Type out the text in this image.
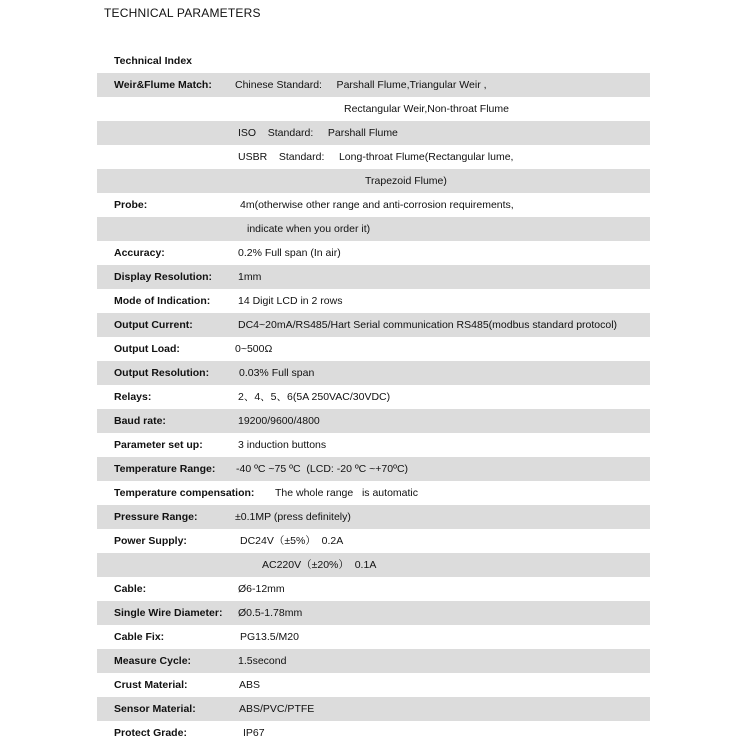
TECHNICAL PARAMETERS
Technical Index
Weir&Flume Match: Chinese Standard:     Parshall Flume,Triangular Weir ,
Rectangular Weir,Non-throat Flume
ISO    Standard:     Parshall Flume
USBR    Standard:     Long-throat Flume(Rectangular lume,
Trapezoid Flume)
Probe:	4m(otherwise other range and anti-corrosion requirements,
indicate when you order it)
Accuracy:	0.2% Full span (In air)
Display Resolution: 1mm
Mode of Indication:	14 Digit LCD in 2 rows
Output Current:	DC4~20mA/RS485/Hart Serial communication RS485(modbus standard protocol)
Output Load:	0~500Ω
Output Resolution:	0.03% Full span
Relays:	2、4、5、6(5A 250VAC/30VDC)
Baud rate:	19200/9600/4800
Parameter set up:	3 induction buttons
Temperature Range: -40 ºC ~75 ºC  (LCD: -20 ºC ~+70ºC)
Temperature compensation: The whole range   is automatic
Pressure Range:	±0.1MP (press definitely)
Power Supply:	DC24V（±5%）  0.2A
AC220V（±20%）  0.1A
Cable:	Ø6-12mm
Single Wire Diameter: Ø0.5-1.78mm
Cable Fix:	PG13.5/M20
Measure Cycle:	1.5second
Crust Material:	ABS
Sensor Material:	ABS/PVC/PTFE
Protect Grade:	IP67
